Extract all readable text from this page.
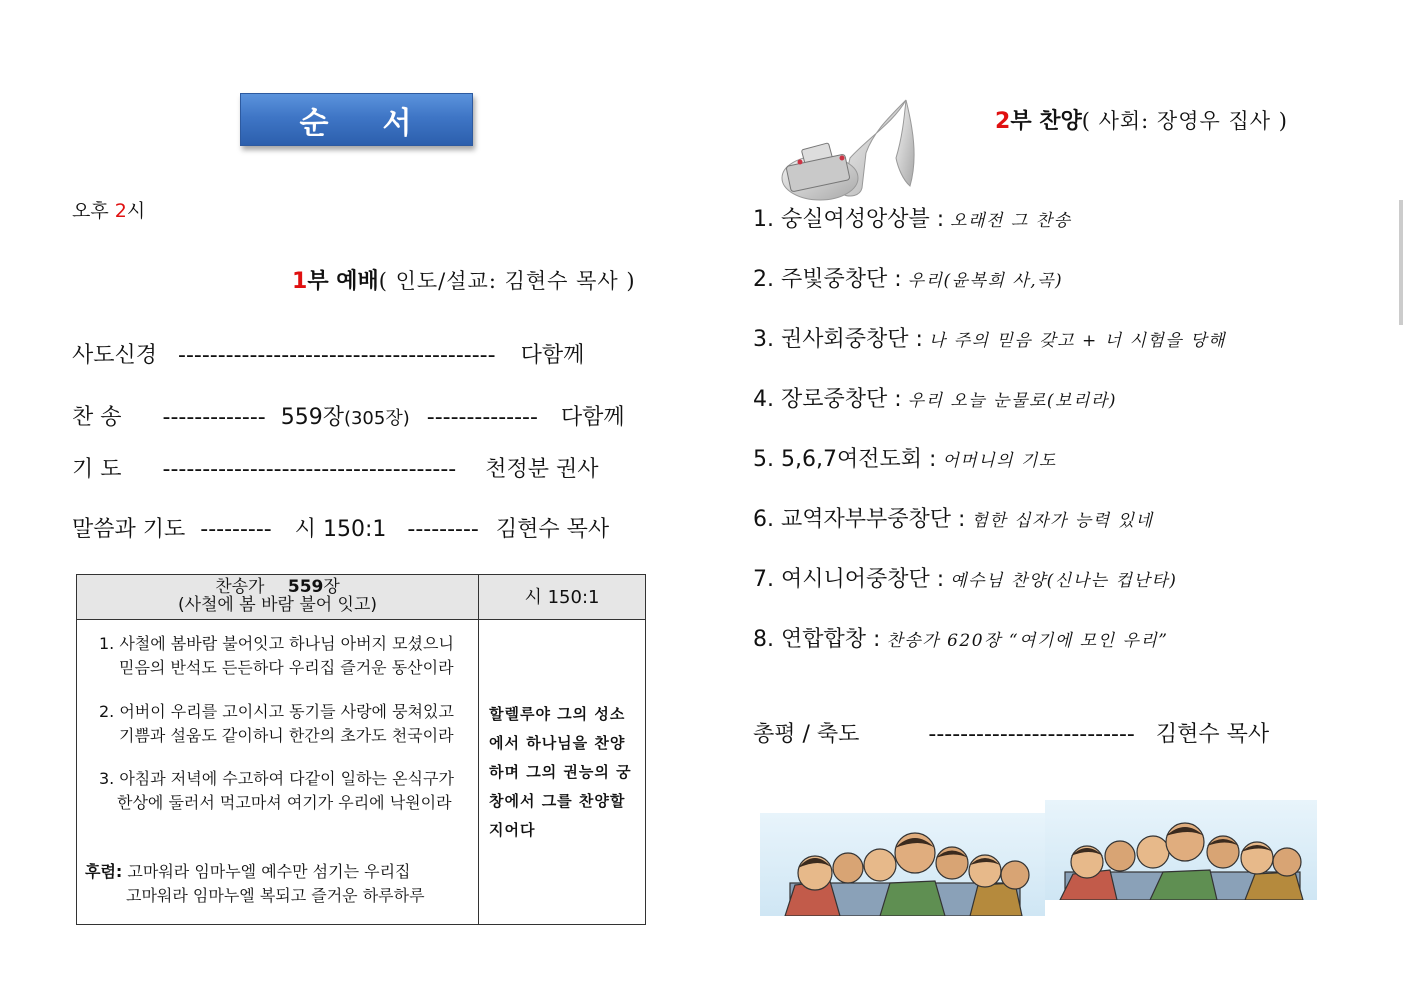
순 서
오후 2시
1부 예배( 인도/설교: 김현수 목사 )
사도신경 ---------------------------------------- 다함께
찬 송 ------------- 559장(305장) -------------- 다함께
기 도 ------------------------------------- 천정분 권사
말씀과 기도 --------- 시 150:1 --------- 김현수 목사
찬송가 559장
(사철에 봄 바람 불어 잇고)	시 150:1
1. 사철에 봄바람 불어잇고 하나님 아버지 모셨으니
믿음의 반석도 든든하다 우리집 즐거운 동산이라
2. 어버이 우리를 고이시고 동기들 사랑에 뭉쳐있고
기쁨과 설움도 같이하니 한간의 초가도 천국이라
3. 아침과 저녁에 수고하여 다같이 일하는 온식구가
한상에 둘러서 먹고마셔 여기가 우리에 낙원이라
후렴: 고마워라 임마누엘 예수만 섬기는 우리집
고마워라 임마누엘 복되고 즐거운 하루하루
할렐루야 그의 성소에서 하나님을 찬양하며 그의 권능의 궁창에서 그를 찬양할지어다
2부 찬양( 사회: 장영우 집사 )
1. 숭실여성앙상블 : 오래전 그 찬송
2. 주빛중창단 : 우리(윤복희 사,곡)
3. 권사회중창단 : 나 주의 믿음 갖고 + 너 시험을 당해
4. 장로중창단 : 우리 오늘 눈물로(보리라)
5. 5,6,7여전도회 : 어머니의 기도
6. 교역자부부중창단 : 험한 십자가 능력 있네
7. 여시니어중창단 : 예수님 찬양(신나는 컵난타)
8. 연합합창 : 찬송가 620장 “여기에 모인 우리”
총평 / 축도	-------------------------- 김현수 목사
